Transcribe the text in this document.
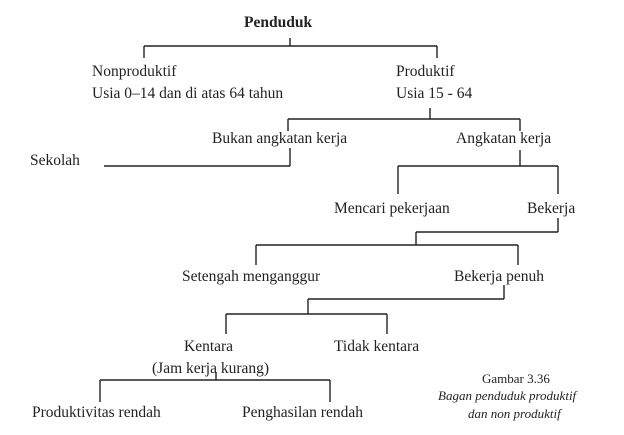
Penduduk
Nonproduktif
Usia 0–14 dan di atas 64 tahun
Produktif
Usia 15 - 64
Bukan angkatan kerja	Angkatan kerja
Sekolah
Mencari pekerjaan	Bekerja
Setengah menganggur	Bekerja penuh
Kentara
(Jam kerja kurang)
Tidak kentara
Produktivitas rendah	Penghasilan rendah
Gambar 3.36
Bagan penduduk produktif
dan non produktif
